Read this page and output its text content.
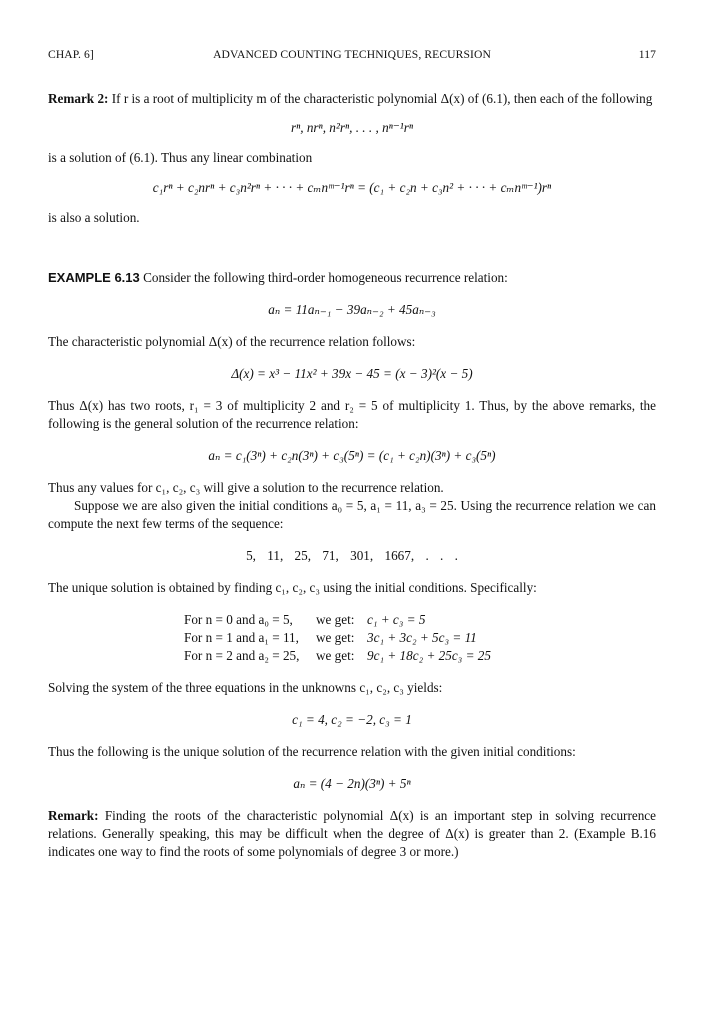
CHAP. 6]	ADVANCED COUNTING TECHNIQUES, RECURSION	117

Remark 2: If r is a root of multiplicity m of the characteristic polynomial Δ(x) of (6.1), then each of the following

rⁿ, nrⁿ, n²rⁿ, . . . , nⁿ⁻¹rⁿ

is a solution of (6.1). Thus any linear combination

c₁rⁿ + c₂nrⁿ + c₃n²rⁿ + · · · + cₘnᵐ⁻¹rⁿ = (c₁ + c₂n + c₃n² + · · · + cₘnᵐ⁻¹)rⁿ

is also a solution.

EXAMPLE 6.13 Consider the following third-order homogeneous recurrence relation:

aₙ = 11aₙ₋₁ − 39aₙ₋₂ + 45aₙ₋₃

The characteristic polynomial Δ(x) of the recurrence relation follows:

Δ(x) = x³ − 11x² + 39x − 45 = (x − 3)²(x − 5)

Thus Δ(x) has two roots, r₁ = 3 of multiplicity 2 and r₂ = 5 of multiplicity 1. Thus, by the above remarks, the following is the general solution of the recurrence relation:

aₙ = c₁(3ⁿ) + c₂n(3ⁿ) + c₃(5ⁿ) = (c₁ + c₂n)(3ⁿ) + c₃(5ⁿ)

Thus any values for c₁, c₂, c₃ will give a solution to the recurrence relation.

Suppose we are also given the initial conditions a₀ = 5, a₁ = 11, a₃ = 25. Using the recurrence relation we can compute the next few terms of the sequence:

5, 11, 25, 71, 301, 1667, . . .

The unique solution is obtained by finding c₁, c₂, c₃ using the initial conditions. Specifically:

For n = 0 and a₀ = 5, we get: c₁ + c₃ = 5
For n = 1 and a₁ = 11, we get: 3c₁ + 3c₂ + 5c₃ = 11
For n = 2 and a₂ = 25, we get: 9c₁ + 18c₂ + 25c₃ = 25

Solving the system of the three equations in the unknowns c₁, c₂, c₃ yields:

c₁ = 4, c₂ = −2, c₃ = 1

Thus the following is the unique solution of the recurrence relation with the given initial conditions:

aₙ = (4 − 2n)(3ⁿ) + 5ⁿ

Remark: Finding the roots of the characteristic polynomial Δ(x) is an important step in solving recurrence relations. Generally speaking, this may be difficult when the degree of Δ(x) is greater than 2. (Example B.16 indicates one way to find the roots of some polynomials of degree 3 or more.)
